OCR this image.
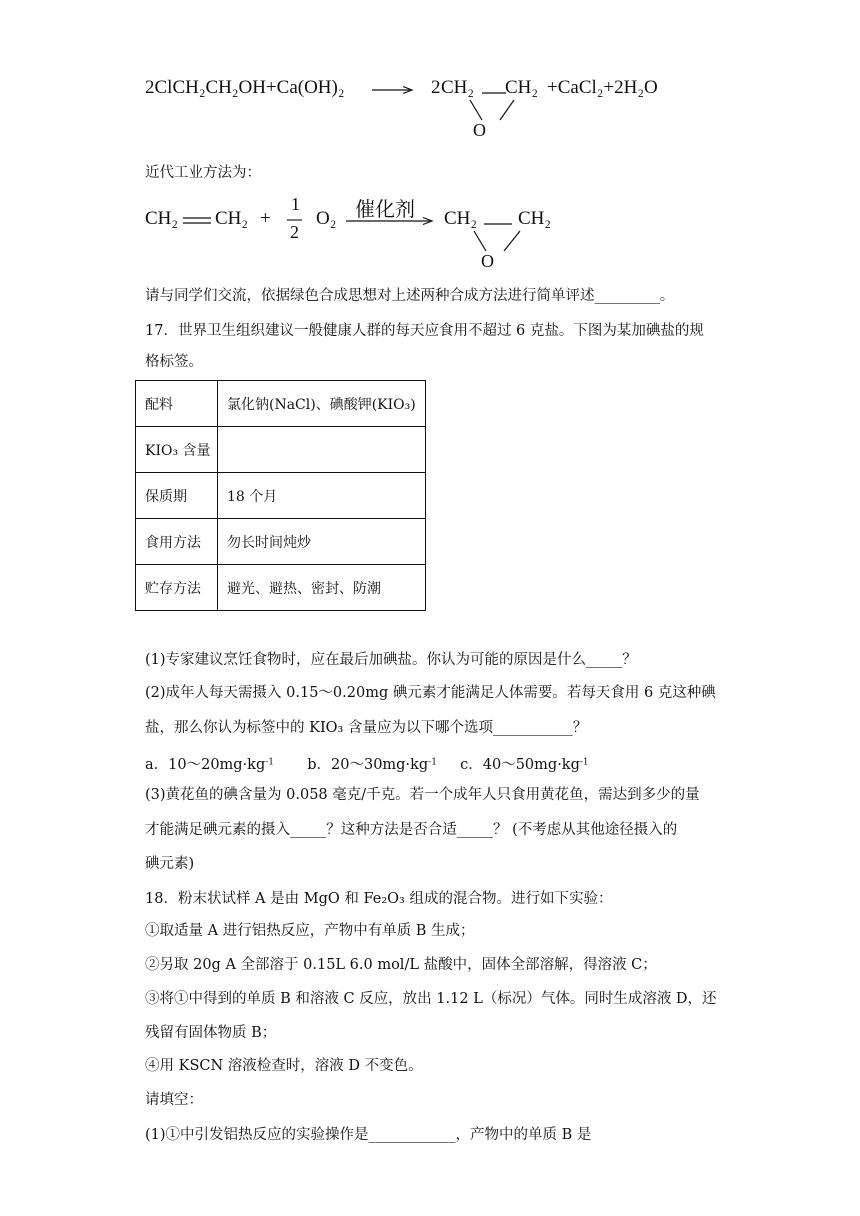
2ClCH₂CH₂OH+Ca(OH)₂	2 CH₂ CH₂
O
+CaCl₂+2H₂O
近代工业方法为：
CH₂ CH₂ +
1
2
O₂ 催化剂 CH₂ CH₂
O
请与同学们交流，依据绿色合成思想对上述两种合成方法进行简单评述_________。
17．世界卫生组织建议一般健康人群的每天应食用不超过 6 克盐。下图为某加碘盐的规
格标签。
配料	氯化钠(NaCl)、碘酸钾(KIO₃)
KIO₃ 含量	
保质期	18 个月
食用方法	勿长时间炖炒
贮存方法	避光、避热、密封、防潮
(1)专家建议烹饪食物时，应在最后加碘盐。你认为可能的原因是什么_____？
(2)成年人每天需摄入 0.15～0.20mg 碘元素才能满足人体需要。若每天食用 6 克这种碘
盐，那么你认为标签中的 KIO₃ 含量应为以下哪个选项___________？
a．$10\sim 20mg\cdot kg^{-1}$ b．$20\sim 30mg\cdot kg^{-1}$ c．$40\sim 50mg\cdot kg^{-1}$
(3)黄花鱼的碘含量为 0.058 毫克/千克。若一个成年人只食用黄花鱼，需达到多少的量
才能满足碘元素的摄入_____？这种方法是否合适_____？ (不考虑从其他途径摄入的
碘元素)
18．粉末状试样 A 是由 MgO 和 Fe₂O₃ 组成的混合物。进行如下实验：
①取适量 A 进行铝热反应，产物中有单质 B 生成；
②另取 20g A 全部溶于 0.15L 6.0 mol/L 盐酸中，固体全部溶解，得溶液 C；
③将①中得到的单质 B 和溶液 C 反应，放出 1.12 L（标况）气体。同时生成溶液 D，还
残留有固体物质 B；
④用 KSCN 溶液检查时，溶液 D 不变色。
请填空：
(1)①中引发铝热反应的实验操作是____________，产物中的单质 B 是
